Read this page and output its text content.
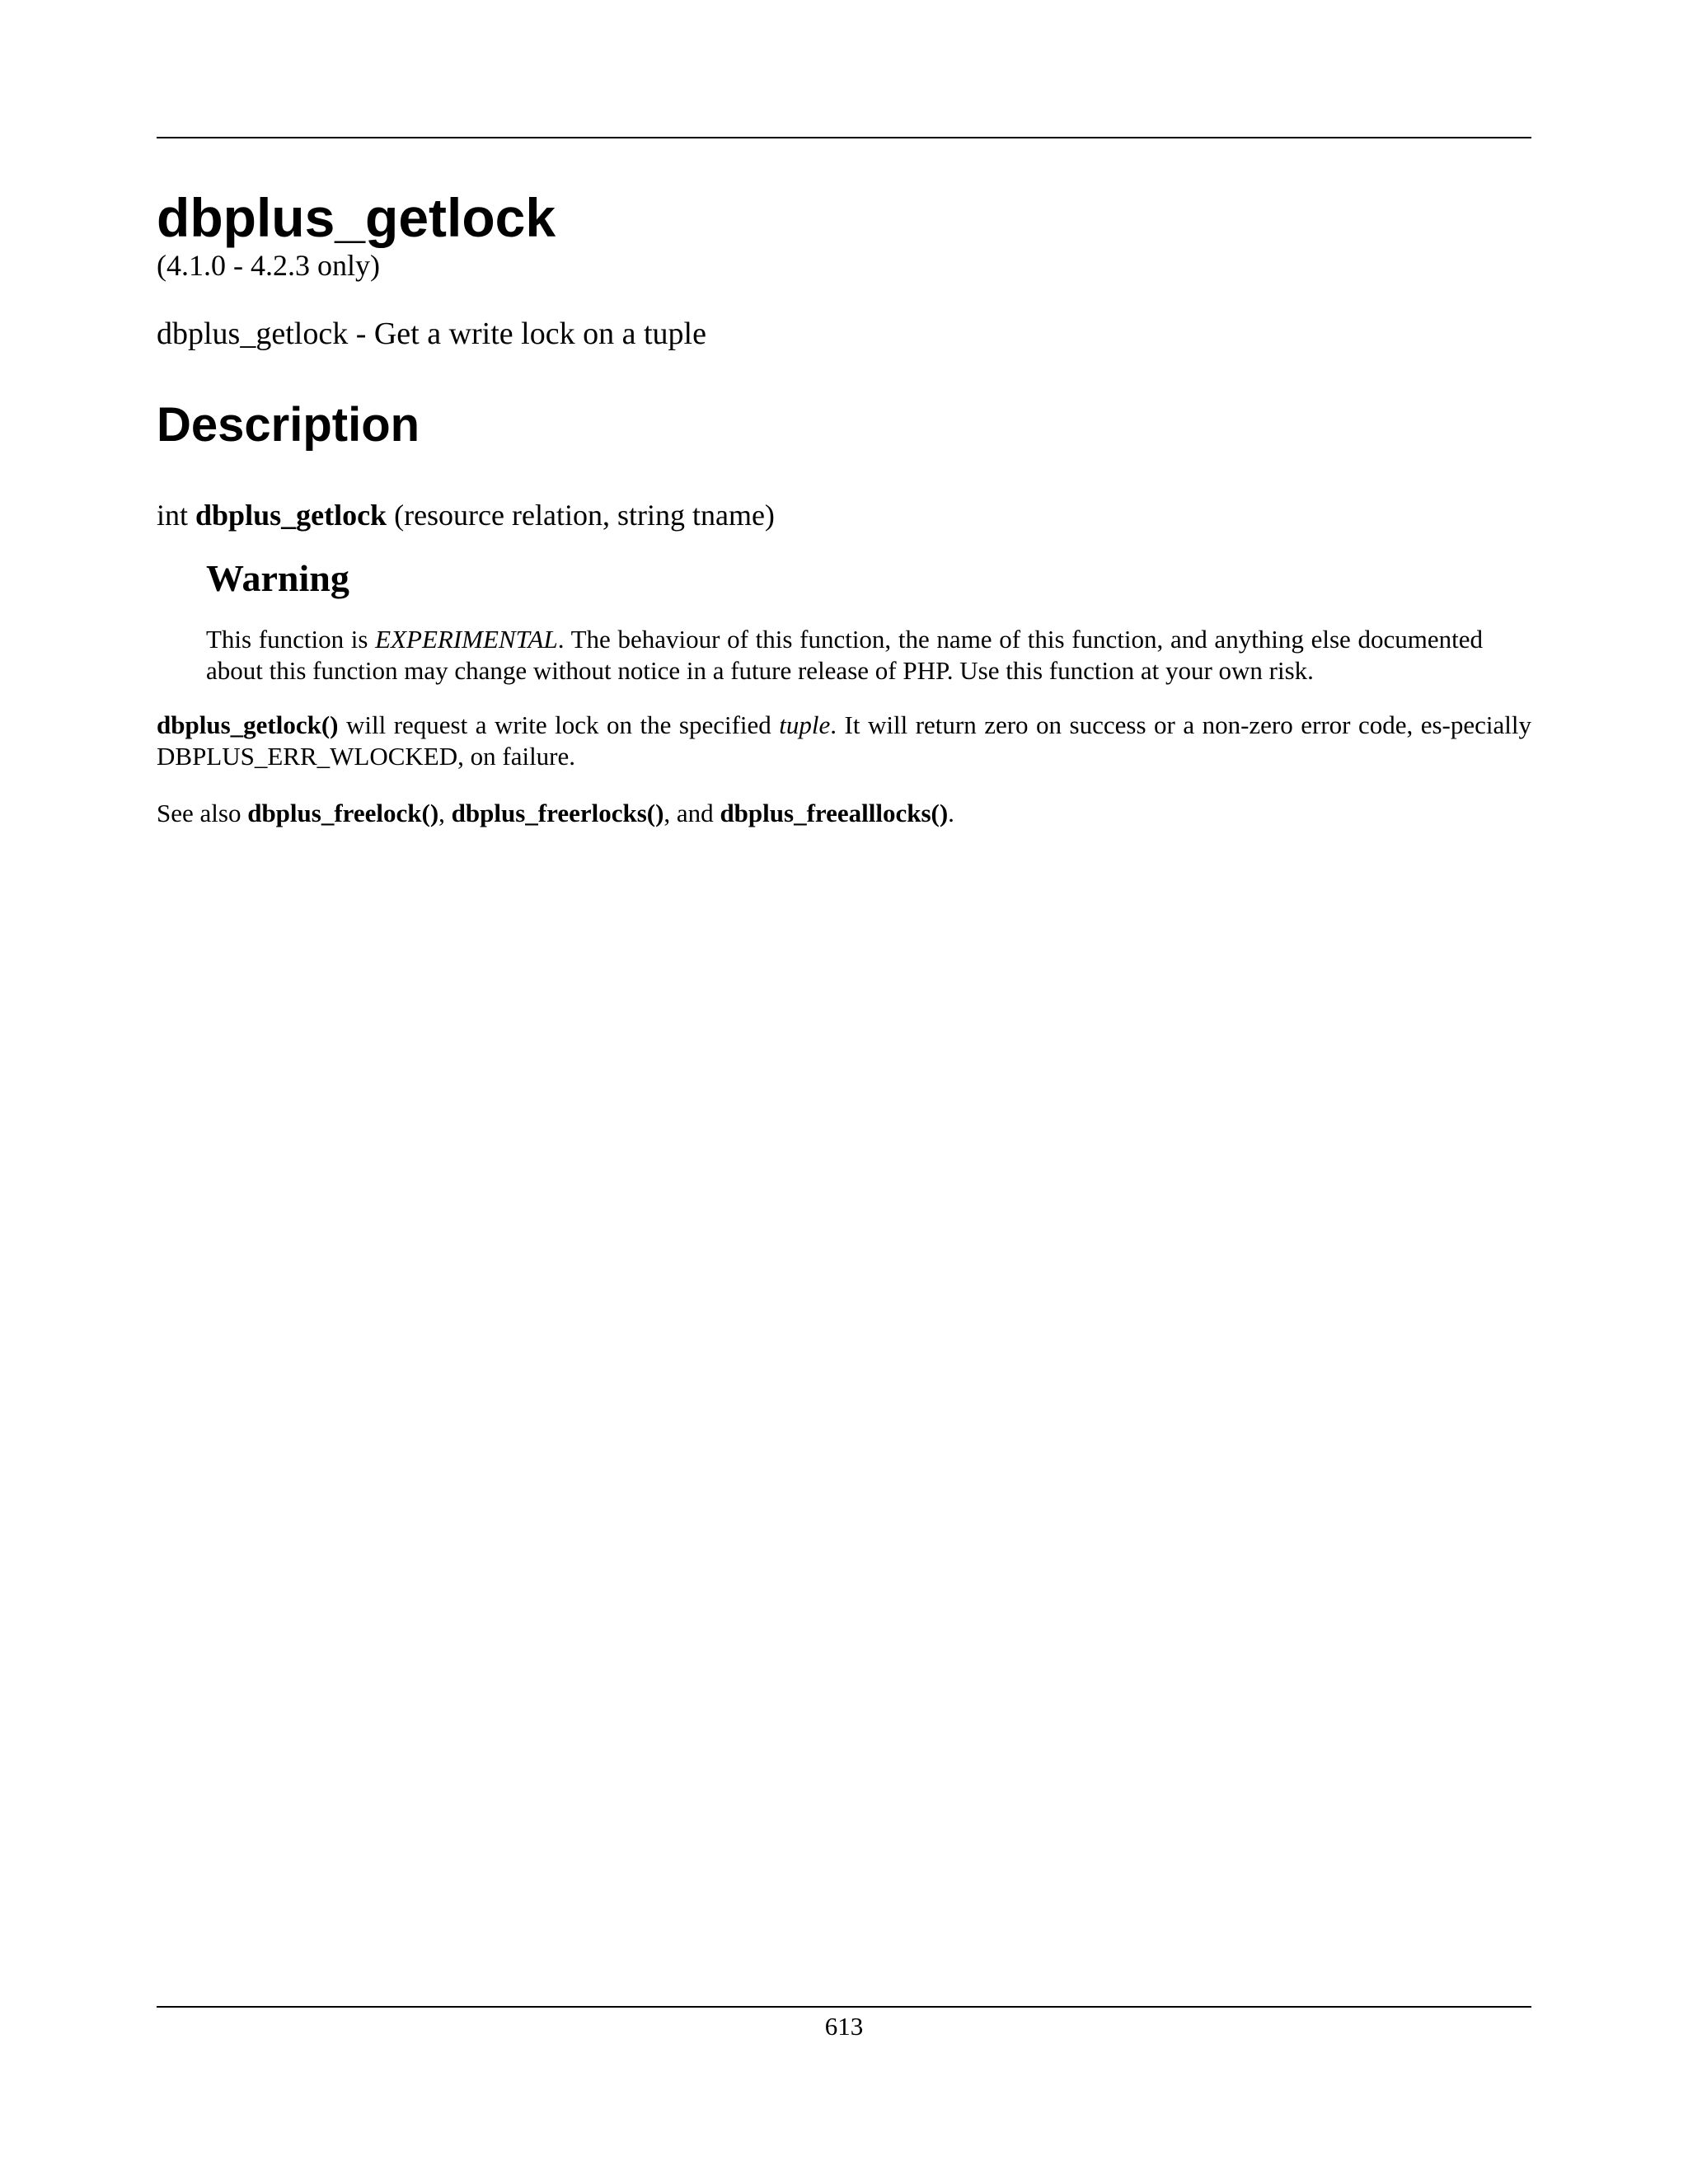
dbplus_getlock
(4.1.0 - 4.2.3 only)
dbplus_getlock - Get a write lock on a tuple
Description
int dbplus_getlock (resource relation, string tname)
Warning

This function is EXPERIMENTAL. The behaviour of this function, the name of this function, and anything else documented about this function may change without notice in a future release of PHP. Use this function at your own risk.

dbplus_getlock() will request a write lock on the specified tuple. It will return zero on success or a non-zero error code, es-pecially DBPLUS_ERR_WLOCKED, on failure.

See also dbplus_freelock(), dbplus_freerlocks(), and dbplus_freealllocks().

613
